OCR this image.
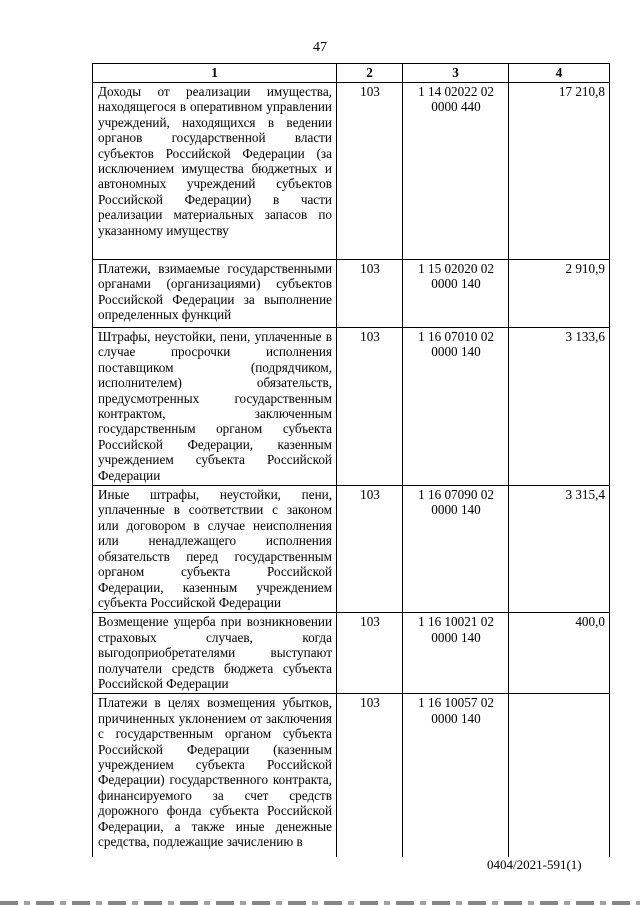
47
1	2	3	4
Доходы от реализации имущества, находящегося в оперативном управлении учреждений, находящихся в ведении органов государственной власти субъектов Российской Федерации (за исключением имущества бюджетных и автономных учреждений субъектов Российской Федерации) в части реализации материальных запасов по указанному имуществу	103	1 14 02022 02 0000 440	17 210,8
Платежи, взимаемые государственными органами (организациями) субъектов Российской Федерации за выполнение определенных функций	103	1 15 02020 02 0000 140	2 910,9
Штрафы, неустойки, пени, уплаченные в случае просрочки исполнения поставщиком (подрядчиком, исполнителем) обязательств, предусмотренных государственным контрактом, заключенным государственным органом субъекта Российской Федерации, казенным учреждением субъекта Российской Федерации	103	1 16 07010 02 0000 140	3 133,6
Иные штрафы, неустойки, пени, уплаченные в соответствии с законом или договором в случае неисполнения или ненадлежащего исполнения обязательств перед государственным органом субъекта Российской Федерации, казенным учреждением субъекта Российской Федерации	103	1 16 07090 02 0000 140	3 315,4
Возмещение ущерба при возникновении страховых случаев, когда выгодоприобретателями выступают получатели средств бюджета субъекта Российской Федерации	103	1 16 10021 02 0000 140	400,0
Платежи в целях возмещения убытков, причиненных уклонением от заключения с государственным органом субъекта Российской Федерации (казенным учреждением субъекта Российской Федерации) государственного контракта, финансируемого за счет средств дорожного фонда субъекта Российской Федерации, а также иные денежные средства, подлежащие зачислению в	103	1 16 10057 02 0000 140	
0404/2021-591(1)
